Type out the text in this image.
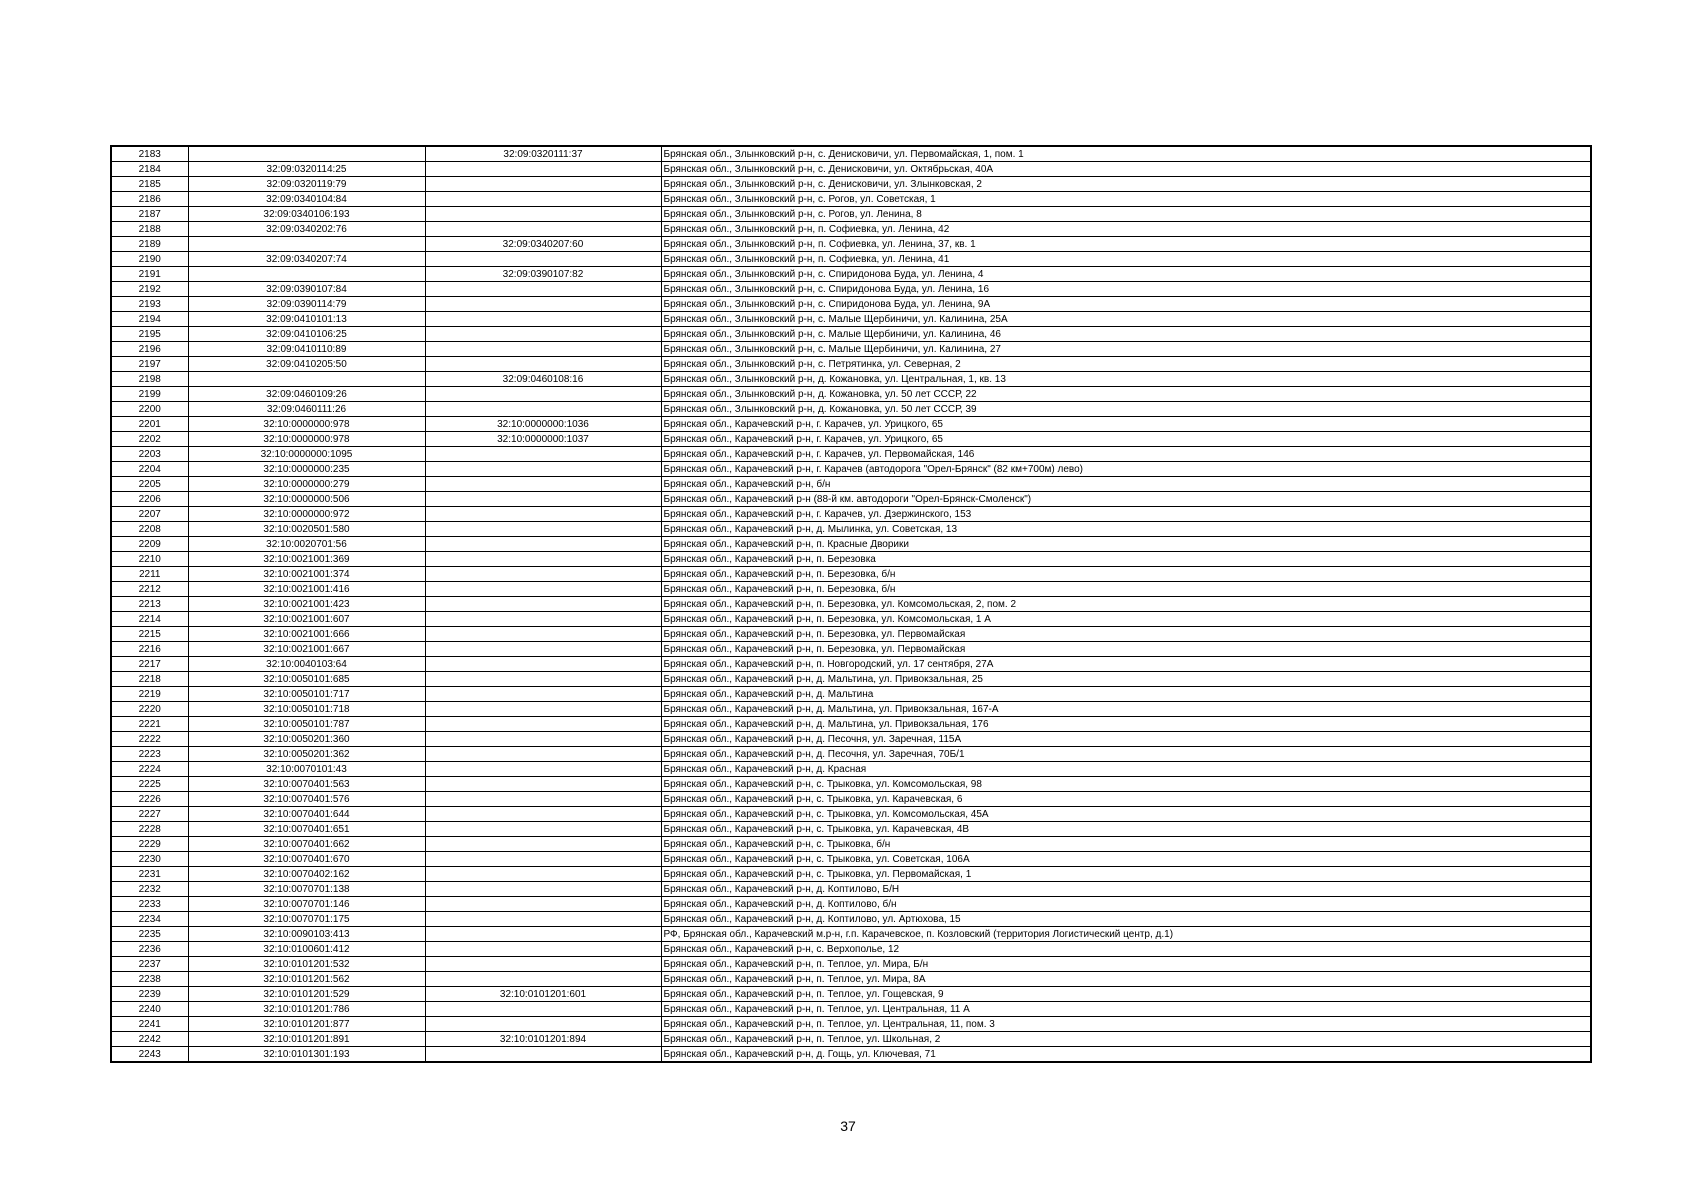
2183		32:09:0320111:37	Брянская обл., Злынковский р-н, с. Денисковичи, ул. Первомайская, 1, пом. 1
2184	32:09:0320114:25		Брянская обл., Злынковский р-н, с. Денисковичи, ул. Октябрьская, 40А
2185	32:09:0320119:79		Брянская обл., Злынковский р-н, с. Денисковичи, ул. Злынковская, 2
2186	32:09:0340104:84		Брянская обл., Злынковский р-н, с. Рогов, ул. Советская, 1
2187	32:09:0340106:193		Брянская обл., Злынковский р-н, с. Рогов, ул. Ленина, 8
2188	32:09:0340202:76		Брянская обл., Злынковский р-н, п. Софиевка, ул. Ленина, 42
2189		32:09:0340207:60	Брянская обл., Злынковский р-н, п. Софиевка, ул. Ленина, 37, кв. 1
2190	32:09:0340207:74		Брянская обл., Злынковский р-н, п. Софиевка, ул. Ленина, 41
2191		32:09:0390107:82	Брянская обл., Злынковский р-н, с. Спиридонова Буда, ул. Ленина, 4
2192	32:09:0390107:84		Брянская обл., Злынковский р-н, с. Спиридонова Буда, ул. Ленина, 16
2193	32:09:0390114:79		Брянская обл., Злынковский р-н, с. Спиридонова Буда, ул. Ленина, 9А
2194	32:09:0410101:13		Брянская обл., Злынковский р-н, с. Малые Щербиничи, ул. Калинина, 25А
2195	32:09:0410106:25		Брянская обл., Злынковский р-н, с. Малые Щербиничи, ул. Калинина, 46
2196	32:09:0410110:89		Брянская обл., Злынковский р-н, с. Малые Щербиничи, ул. Калинина, 27
2197	32:09:0410205:50		Брянская обл., Злынковский р-н, с. Петрятинка, ул. Северная, 2
2198		32:09:0460108:16	Брянская обл., Злынковский р-н, д. Кожановка, ул. Центральная, 1, кв. 13
2199	32:09:0460109:26		Брянская обл., Злынковский р-н, д. Кожановка, ул. 50 лет СССР, 22
2200	32:09:0460111:26		Брянская обл., Злынковский р-н, д. Кожановка, ул. 50 лет СССР, 39
2201	32:10:0000000:978	32:10:0000000:1036	Брянская обл., Карачевский р-н, г. Карачев, ул. Урицкого, 65
2202	32:10:0000000:978	32:10:0000000:1037	Брянская обл., Карачевский р-н, г. Карачев, ул. Урицкого, 65
2203	32:10:0000000:1095		Брянская обл., Карачевский р-н, г. Карачев, ул. Первомайская, 146
2204	32:10:0000000:235		Брянская обл., Карачевский р-н, г. Карачев (автодорога "Орел-Брянск" (82 км+700м) лево)
2205	32:10:0000000:279		Брянская обл., Карачевский р-н, б/н
2206	32:10:0000000:506		Брянская обл., Карачевский р-н (88-й км. автодороги "Орел-Брянск-Смоленск")
2207	32:10:0000000:972		Брянская обл., Карачевский р-н, г. Карачев, ул. Дзержинского, 153
2208	32:10:0020501:580		Брянская обл., Карачевский р-н, д. Мылинка, ул. Советская, 13
2209	32:10:0020701:56		Брянская обл., Карачевский р-н, п. Красные Дворики
2210	32:10:0021001:369		Брянская обл., Карачевский р-н, п. Березовка
2211	32:10:0021001:374		Брянская обл., Карачевский р-н, п. Березовка, б/н
2212	32:10:0021001:416		Брянская обл., Карачевский р-н, п. Березовка, б/н
2213	32:10:0021001:423		Брянская обл., Карачевский р-н, п. Березовка, ул. Комсомольская, 2, пом. 2
2214	32:10:0021001:607		Брянская обл., Карачевский р-н, п. Березовка, ул. Комсомольская, 1 А
2215	32:10:0021001:666		Брянская обл., Карачевский р-н, п. Березовка, ул. Первомайская
2216	32:10:0021001:667		Брянская обл., Карачевский р-н, п. Березовка, ул. Первомайская
2217	32:10:0040103:64		Брянская обл., Карачевский р-н, п. Новгородский, ул. 17 сентября, 27А
2218	32:10:0050101:685		Брянская обл., Карачевский р-н, д. Мальтина, ул. Привокзальная, 25
2219	32:10:0050101:717		Брянская обл., Карачевский р-н, д. Мальтина
2220	32:10:0050101:718		Брянская обл., Карачевский р-н, д. Мальтина, ул. Привокзальная, 167-А
2221	32:10:0050101:787		Брянская обл., Карачевский р-н, д. Мальтина, ул. Привокзальная, 176
2222	32:10:0050201:360		Брянская обл., Карачевский р-н, д. Песочня, ул. Заречная, 115А
2223	32:10:0050201:362		Брянская обл., Карачевский р-н, д. Песочня, ул. Заречная, 70Б/1
2224	32:10:0070101:43		Брянская обл., Карачевский р-н, д. Красная
2225	32:10:0070401:563		Брянская обл., Карачевский р-н, с. Трыковка, ул. Комсомольская, 98
2226	32:10:0070401:576		Брянская обл., Карачевский р-н, с. Трыковка, ул. Карачевская, 6
2227	32:10:0070401:644		Брянская обл., Карачевский р-н, с. Трыковка, ул. Комсомольская, 45А
2228	32:10:0070401:651		Брянская обл., Карачевский р-н, с. Трыковка, ул. Карачевская, 4В
2229	32:10:0070401:662		Брянская обл., Карачевский р-н, с. Трыковка, б/н
2230	32:10:0070401:670		Брянская обл., Карачевский р-н, с. Трыковка, ул. Советская, 106А
2231	32:10:0070402:162		Брянская обл., Карачевский р-н, с. Трыковка, ул. Первомайская, 1
2232	32:10:0070701:138		Брянская обл., Карачевский р-н, д. Коптилово, Б/Н
2233	32:10:0070701:146		Брянская обл., Карачевский р-н, д. Коптилово, б/н
2234	32:10:0070701:175		Брянская обл., Карачевский р-н, д. Коптилово, ул. Артюхова, 15
2235	32:10:0090103:413		РФ, Брянская обл., Карачевский м.р-н, г.п. Карачевское, п. Козловский (территория Логистический центр, д.1)
2236	32:10:0100601:412		Брянская обл., Карачевский р-н, с. Верхополье, 12
2237	32:10:0101201:532		Брянская обл., Карачевский р-н, п. Теплое, ул. Мира, Б/н
2238	32:10:0101201:562		Брянская обл., Карачевский р-н, п. Теплое, ул. Мира, 8А
2239	32:10:0101201:529	32:10:0101201:601	Брянская обл., Карачевский р-н, п. Теплое, ул. Гощевская, 9
2240	32:10:0101201:786		Брянская обл., Карачевский р-н, п. Теплое, ул. Центральная, 11 А
2241	32:10:0101201:877		Брянская обл., Карачевский р-н, п. Теплое, ул. Центральная, 11, пом. 3
2242	32:10:0101201:891	32:10:0101201:894	Брянская обл., Карачевский р-н, п. Теплое, ул. Школьная, 2
2243	32:10:0101301:193		Брянская обл., Карачевский р-н, д. Гощь, ул. Ключевая, 71
37
